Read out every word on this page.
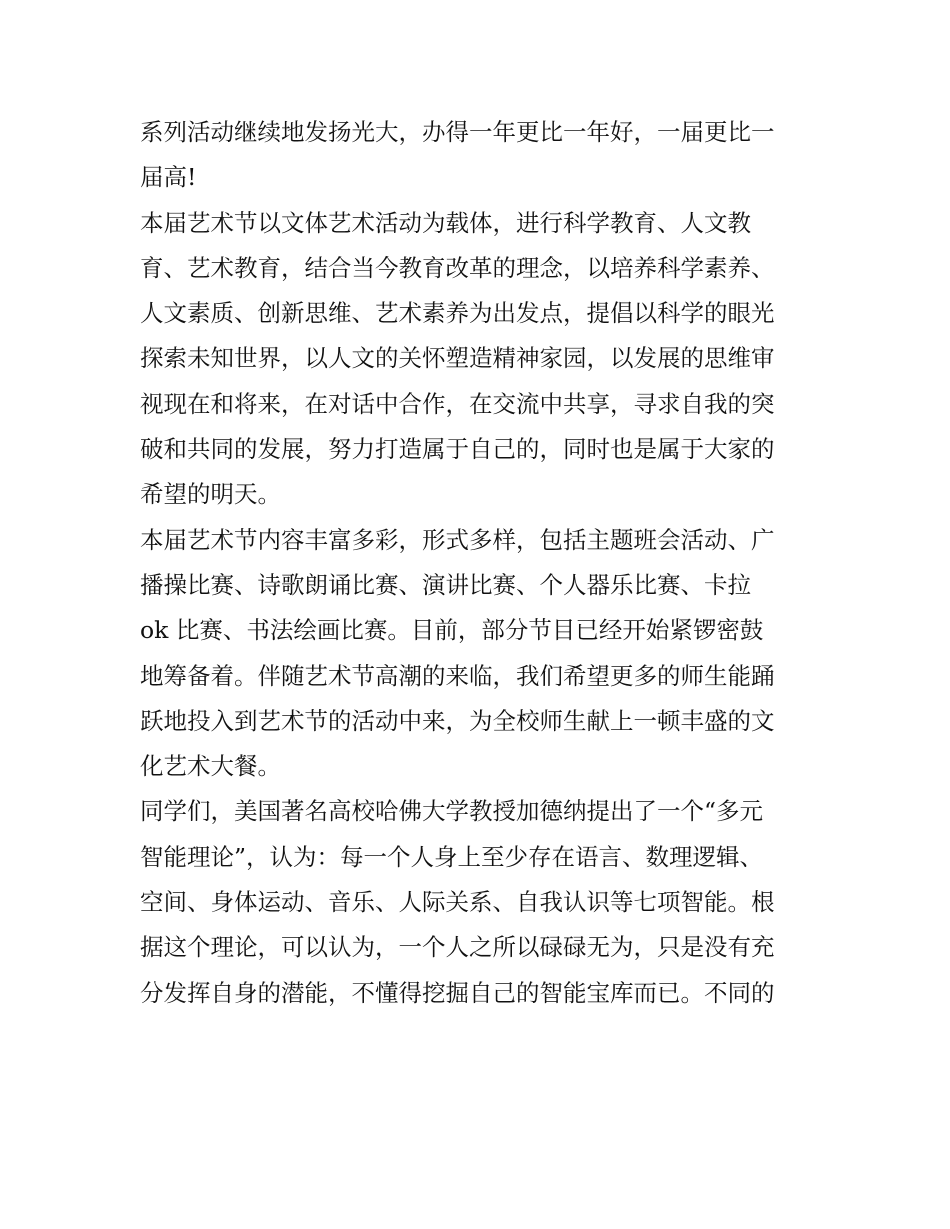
系列活动继续地发扬光大，办得一年更比一年好，一届更比一
届高!
本届艺术节以文体艺术活动为载体，进行科学教育、人文教
育、艺术教育，结合当今教育改革的理念，以培养科学素养、
人文素质、创新思维、艺术素养为出发点，提倡以科学的眼光
探索未知世界，以人文的关怀塑造精神家园，以发展的思维审
视现在和将来，在对话中合作，在交流中共享，寻求自我的突
破和共同的发展，努力打造属于自己的，同时也是属于大家的
希望的明天。
本届艺术节内容丰富多彩，形式多样，包括主题班会活动、广
播操比赛、诗歌朗诵比赛、演讲比赛、个人器乐比赛、卡拉
ok 比赛、书法绘画比赛。目前，部分节目已经开始紧锣密鼓
地筹备着。伴随艺术节高潮的来临，我们希望更多的师生能踊
跃地投入到艺术节的活动中来，为全校师生献上一顿丰盛的文
化艺术大餐。
同学们，美国著名高校哈佛大学教授加德纳提出了一个“多元
智能理论”，认为：每一个人身上至少存在语言、数理逻辑、
空间、身体运动、音乐、人际关系、自我认识等七项智能。根
据这个理论，可以认为，一个人之所以碌碌无为，只是没有充
分发挥自身的潜能，不懂得挖掘自己的智能宝库而已。不同的
